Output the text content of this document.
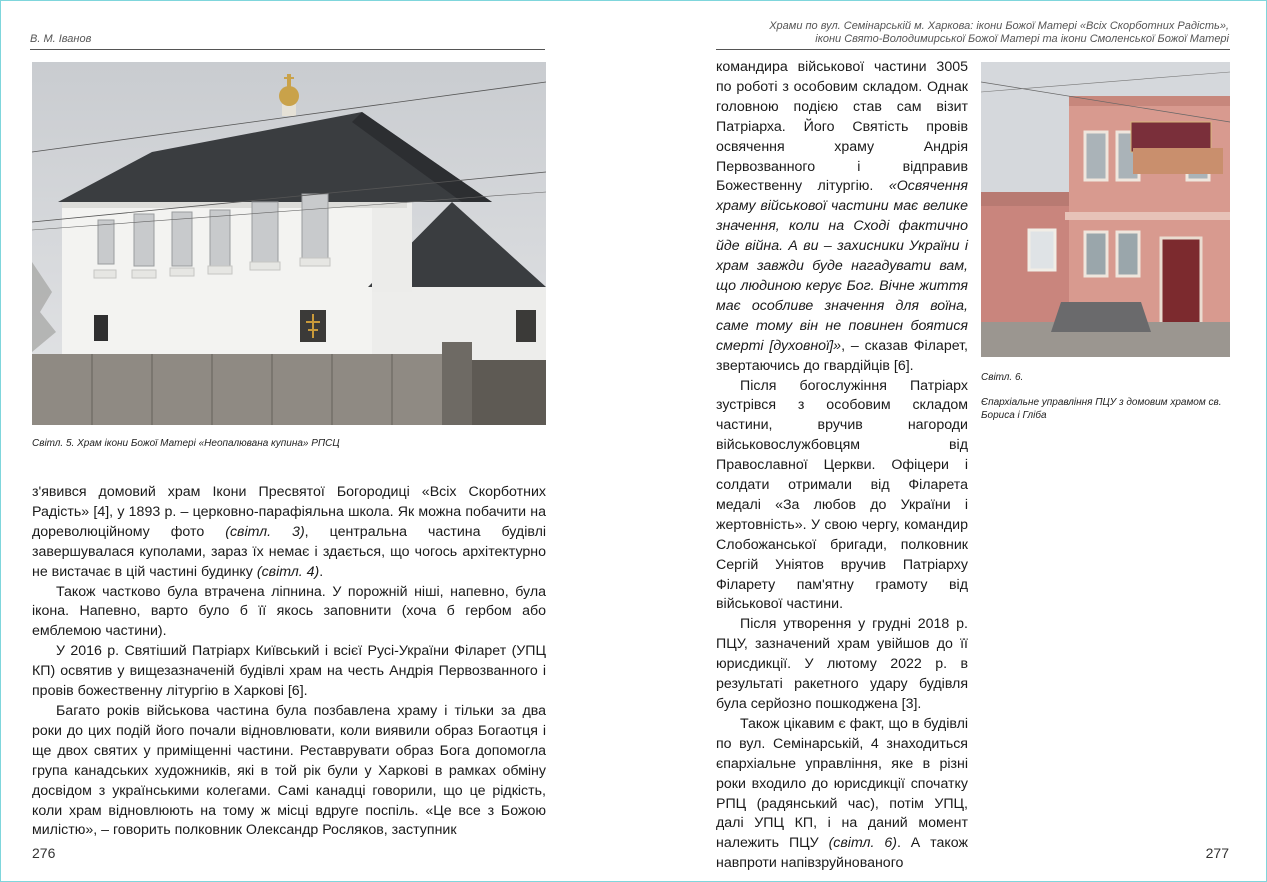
В. М. Іванов
Світл. 5. Храм ікони Божої Матері «Неопалювана купина» РПСЦ

з'явився домовий храм Ікони Пресвятої Богородиці «Всіх Скорботних Радість» [4], у 1893 р. – церковно-парафіяльна школа. Як можна побачити на дореволюційному фото (світл. 3), центральна частина будівлі завершувалася куполами, зараз їх немає і здається, що чогось архітектурно не вистачає в цій частині будинку (світл. 4).

Також частково була втрачена ліпнина. У порожній ніші, напевно, була ікона. Напевно, варто було б її якось заповнити (хоча б гербом або емблемою частини).

У 2016 р. Святіший Патріарх Київський і всієї Русі-України Філарет (УПЦ КП) освятив у вищезазначеній будівлі храм на честь Андрія Первозванного і провів божественну літургію в Харкові [6].

Багато років військова частина була позбавлена храму і тільки за два роки до цих подій його почали відновлювати, коли виявили образ Богаотця і ще двох святих у приміщенні частини. Реставрувати образ Бога допомогла група канадських художників, які в той рік були у Харкові в рамках обміну досвідом з українськими колегами. Самі канадці говорили, що це рідкість, коли храм відновлюють на тому ж місці вдруге поспіль. «Це все з Божою милістю», – говорить полковник Олександр Росляков, заступник

276
Храми по вул. Семінарській м. Харкова: ікони Божої Матері «Всіх Скорботних Радість»,
ікони Свято-Володимирської Божої Матері та ікони Смоленської Божої Матері

командира військової частини 3005 по роботі з особовим складом. Однак головною подією став сам візит Патріарха. Його Святість провів освячення храму Андрія Первозванного і відправив Божественну літургію. «Освячення храму військової частини має велике значення, коли на Сході фактично йде війна. А ви – захисники України і храм завжди буде нагадувати вам, що людиною керує Бог. Вічне життя має особливе значення для воїна, саме тому він не повинен боятися смерті [духовної]», – сказав Філарет, звертаючись до гвардійців [6].

Після богослужіння Патріарх зустрівся з особовим складом частини, вручив нагороди військовослужбовцям від Православної Церкви. Офіцери і солдати отримали від Філарета медалі «За любов до України і жертовність». У свою чергу, командир Слобожанської бригади, полковник Сергій Уніятов вручив Патріарху Філарету пам'ятну грамоту від військової частини.

Після утворення у грудні 2018 р. ПЦУ, зазначений храм увійшов до її юрисдикції. У лютому 2022 р. в результаті ракетного удару будівля була серйозно пошкоджена [3].

Також цікавим є факт, що в будівлі по вул. Семінарській, 4 знаходиться єпархіальне управління, яке в різні роки входило до юрисдикції спочатку РПЦ (радянський час), потім УПЦ, далі УПЦ КП, і на даний момент належить ПЦУ (світл. 6). А також навпроти напівзруйнованого

Світл. 6.
Єпархіальне управління ПЦУ з домовим храмом св. Бориса і Гліба
277
